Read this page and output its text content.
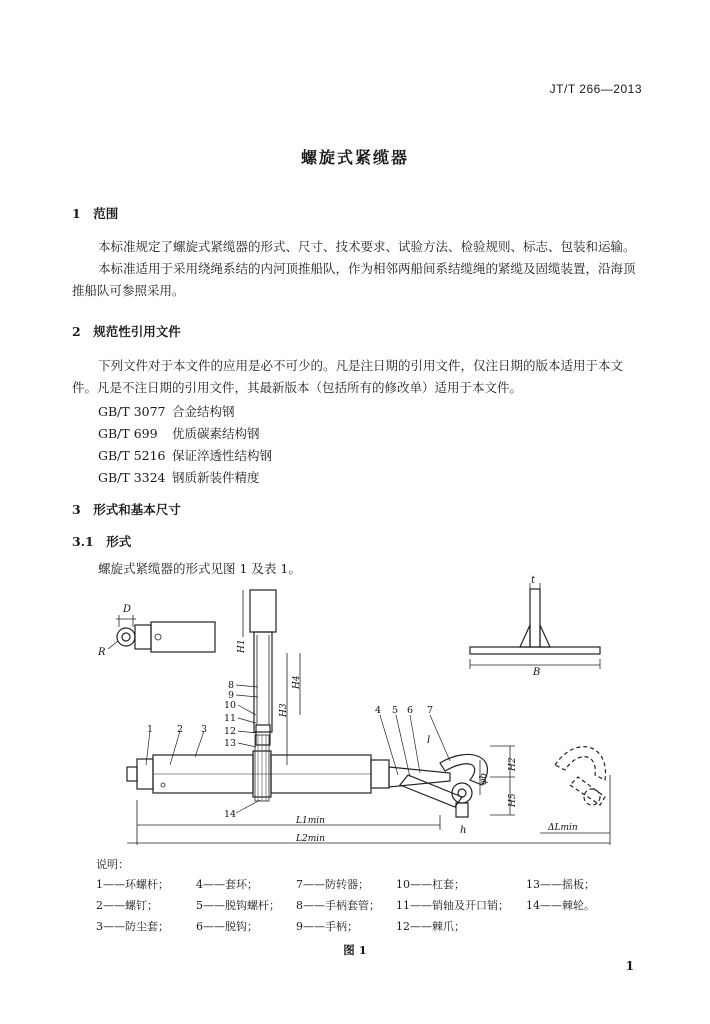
JT/T 266—2013
螺旋式紧缆器
1　范围
本标准规定了螺旋式紧缆器的形式、尺寸、技术要求、试验方法、检验规则、标志、包装和运输。
本标准适用于采用绕绳系结的内河顶推船队，作为相邻两船间系结缆绳的紧缆及固缆装置，沿海顶
推船队可参照采用。
2　规范性引用文件
下列文件对于本文件的应用是必不可少的。凡是注日期的引用文件，仅注日期的版本适用于本文
件。凡是不注日期的引用文件，其最新版本（包括所有的修改单）适用于本文件。
GB/T 3077 合金结构钢
GB/T 699 优质碳素结构钢
GB/T 5216 保证淬透性结构钢
GB/T 3324 钢质新装件精度
3　形式和基本尺寸
3.1　形式
螺旋式紧缆器的形式见图 1 及表 1。
D
R
t
B
H1
H4
H3
l
h
H2
H5
φb
L1min
L2min
ΔLmin
1	2 3
4 5 6 7
8
9
10
11
12
13
14
说明：
1——环螺杆； 4——套环；	7——防转器； 10——杠套；	13——摇板；
2——螺钉；	5——脱钩螺杆； 8——手柄套管； 11——销轴及开口销； 14——棘轮。
3——防尘套； 6——脱钩；	9——手柄；	12——棘爪；
图 1
1
